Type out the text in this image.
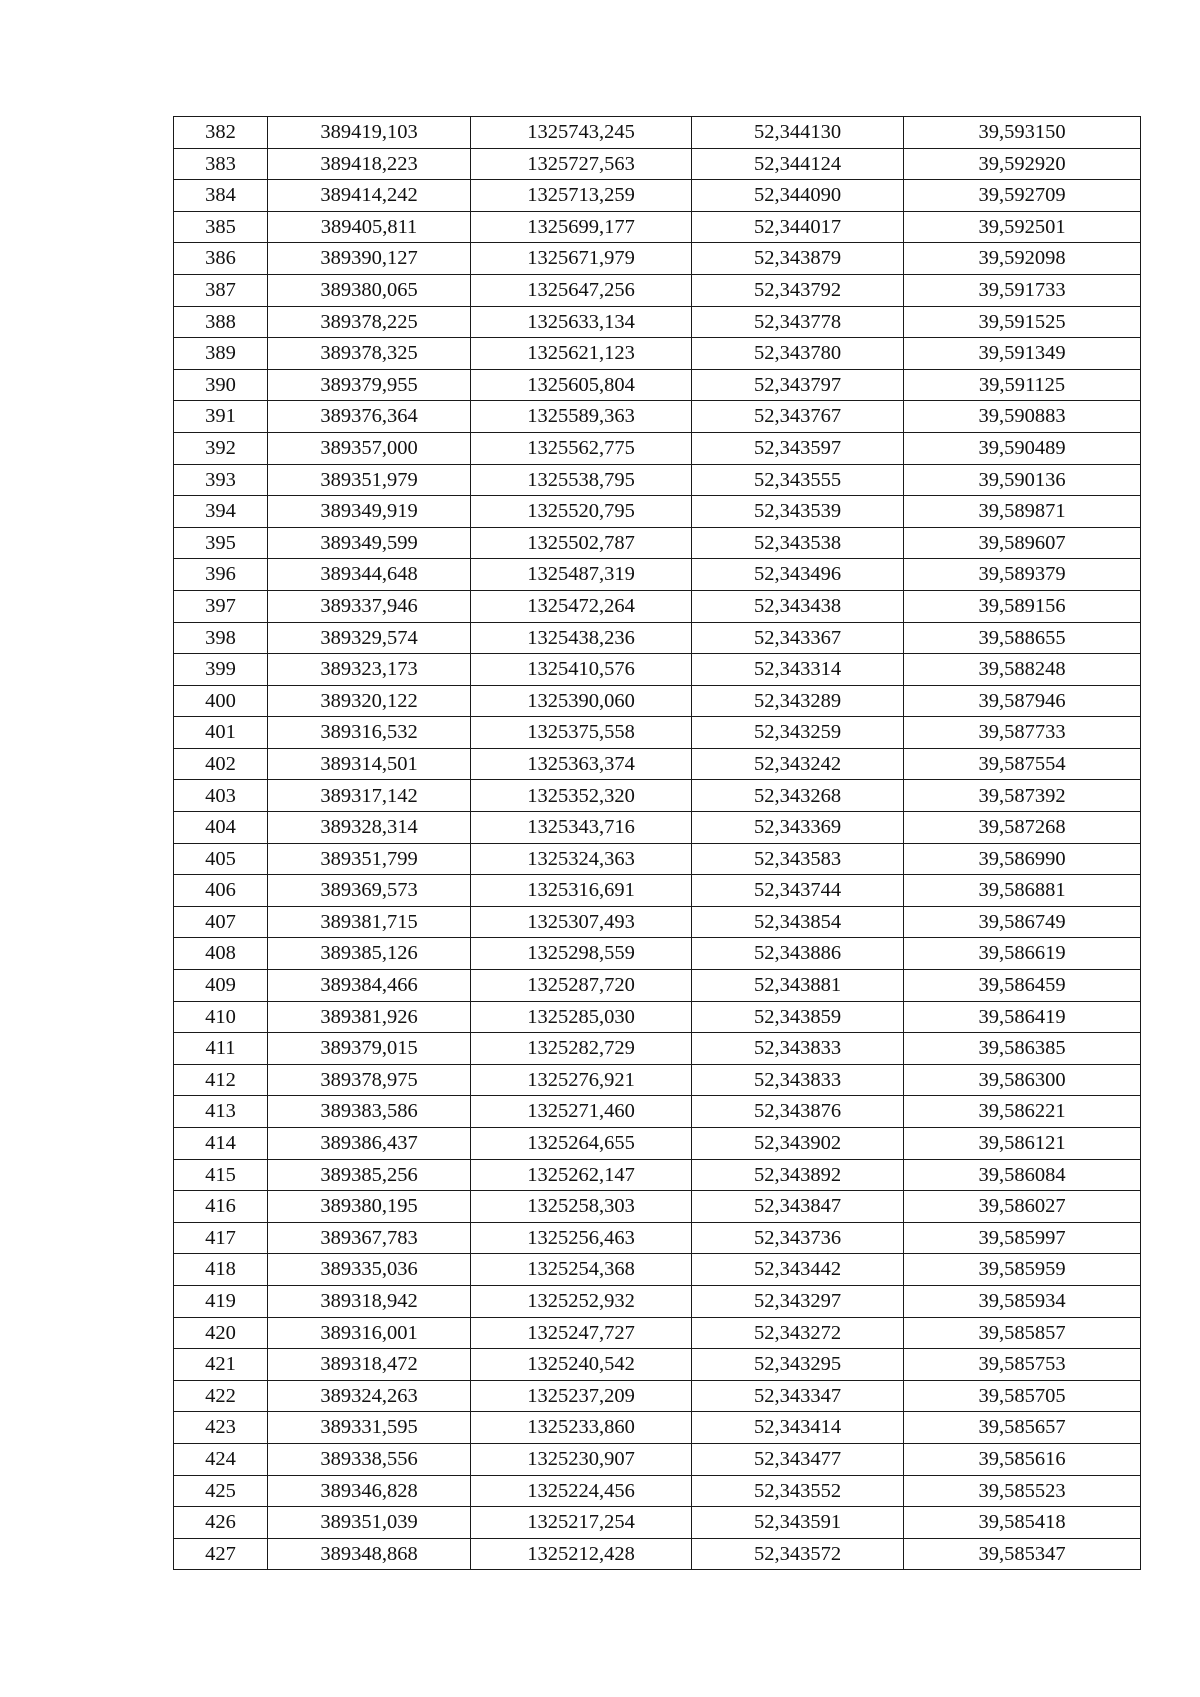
382	389419,103	1325743,245	52,344130	39,593150
383	389418,223	1325727,563	52,344124	39,592920
384	389414,242	1325713,259	52,344090	39,592709
385	389405,811	1325699,177	52,344017	39,592501
386	389390,127	1325671,979	52,343879	39,592098
387	389380,065	1325647,256	52,343792	39,591733
388	389378,225	1325633,134	52,343778	39,591525
389	389378,325	1325621,123	52,343780	39,591349
390	389379,955	1325605,804	52,343797	39,591125
391	389376,364	1325589,363	52,343767	39,590883
392	389357,000	1325562,775	52,343597	39,590489
393	389351,979	1325538,795	52,343555	39,590136
394	389349,919	1325520,795	52,343539	39,589871
395	389349,599	1325502,787	52,343538	39,589607
396	389344,648	1325487,319	52,343496	39,589379
397	389337,946	1325472,264	52,343438	39,589156
398	389329,574	1325438,236	52,343367	39,588655
399	389323,173	1325410,576	52,343314	39,588248
400	389320,122	1325390,060	52,343289	39,587946
401	389316,532	1325375,558	52,343259	39,587733
402	389314,501	1325363,374	52,343242	39,587554
403	389317,142	1325352,320	52,343268	39,587392
404	389328,314	1325343,716	52,343369	39,587268
405	389351,799	1325324,363	52,343583	39,586990
406	389369,573	1325316,691	52,343744	39,586881
407	389381,715	1325307,493	52,343854	39,586749
408	389385,126	1325298,559	52,343886	39,586619
409	389384,466	1325287,720	52,343881	39,586459
410	389381,926	1325285,030	52,343859	39,586419
411	389379,015	1325282,729	52,343833	39,586385
412	389378,975	1325276,921	52,343833	39,586300
413	389383,586	1325271,460	52,343876	39,586221
414	389386,437	1325264,655	52,343902	39,586121
415	389385,256	1325262,147	52,343892	39,586084
416	389380,195	1325258,303	52,343847	39,586027
417	389367,783	1325256,463	52,343736	39,585997
418	389335,036	1325254,368	52,343442	39,585959
419	389318,942	1325252,932	52,343297	39,585934
420	389316,001	1325247,727	52,343272	39,585857
421	389318,472	1325240,542	52,343295	39,585753
422	389324,263	1325237,209	52,343347	39,585705
423	389331,595	1325233,860	52,343414	39,585657
424	389338,556	1325230,907	52,343477	39,585616
425	389346,828	1325224,456	52,343552	39,585523
426	389351,039	1325217,254	52,343591	39,585418
427	389348,868	1325212,428	52,343572	39,585347
